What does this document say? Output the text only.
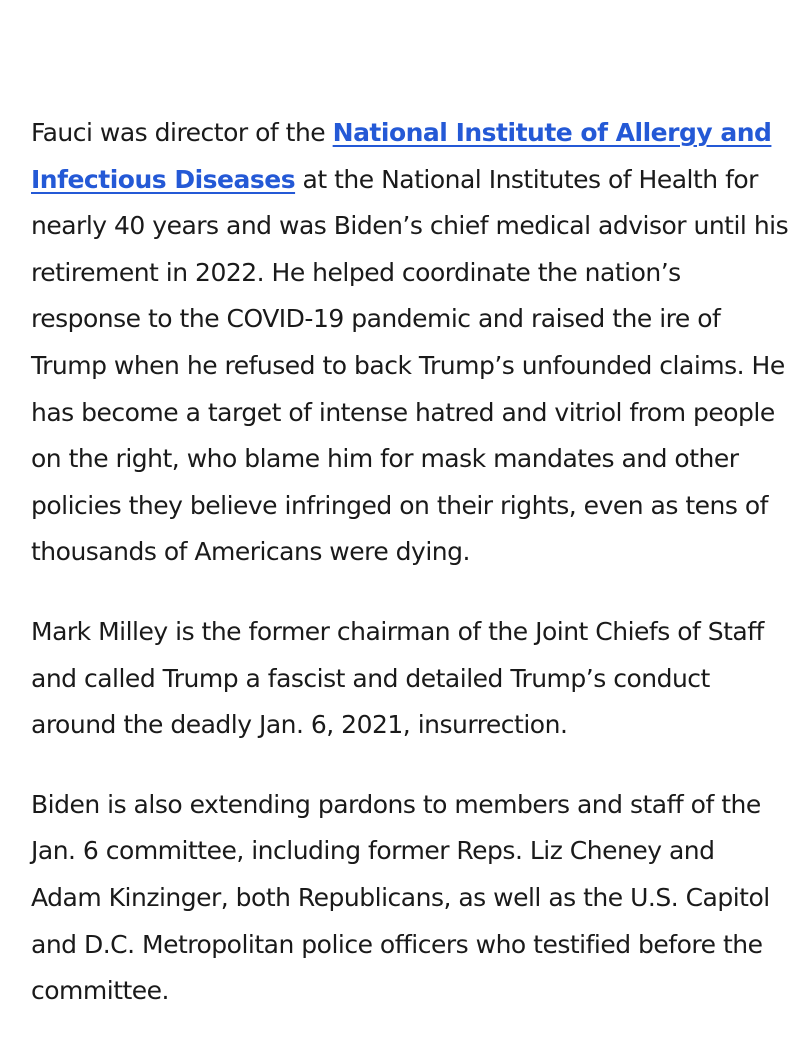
Fauci was director of the National Institute of Allergy and Infectious Diseases at the National Institutes of Health for nearly 40 years and was Biden’s chief medical advisor until his retirement in 2022. He helped coordinate the nation’s response to the COVID-19 pandemic and raised the ire of Trump when he refused to back Trump’s unfounded claims. He has become a target of intense hatred and vitriol from people on the right, who blame him for mask mandates and other policies they believe infringed on their rights, even as tens of thousands of Americans were dying.

Mark Milley is the former chairman of the Joint Chiefs of Staff and called Trump a fascist and detailed Trump’s conduct around the deadly Jan. 6, 2021, insurrection.

Biden is also extending pardons to members and staff of the Jan. 6 committee, including former Reps. Liz Cheney and Adam Kinzinger, both Republicans, as well as the U.S. Capitol and D.C. Metropolitan police officers who testified before the committee.
